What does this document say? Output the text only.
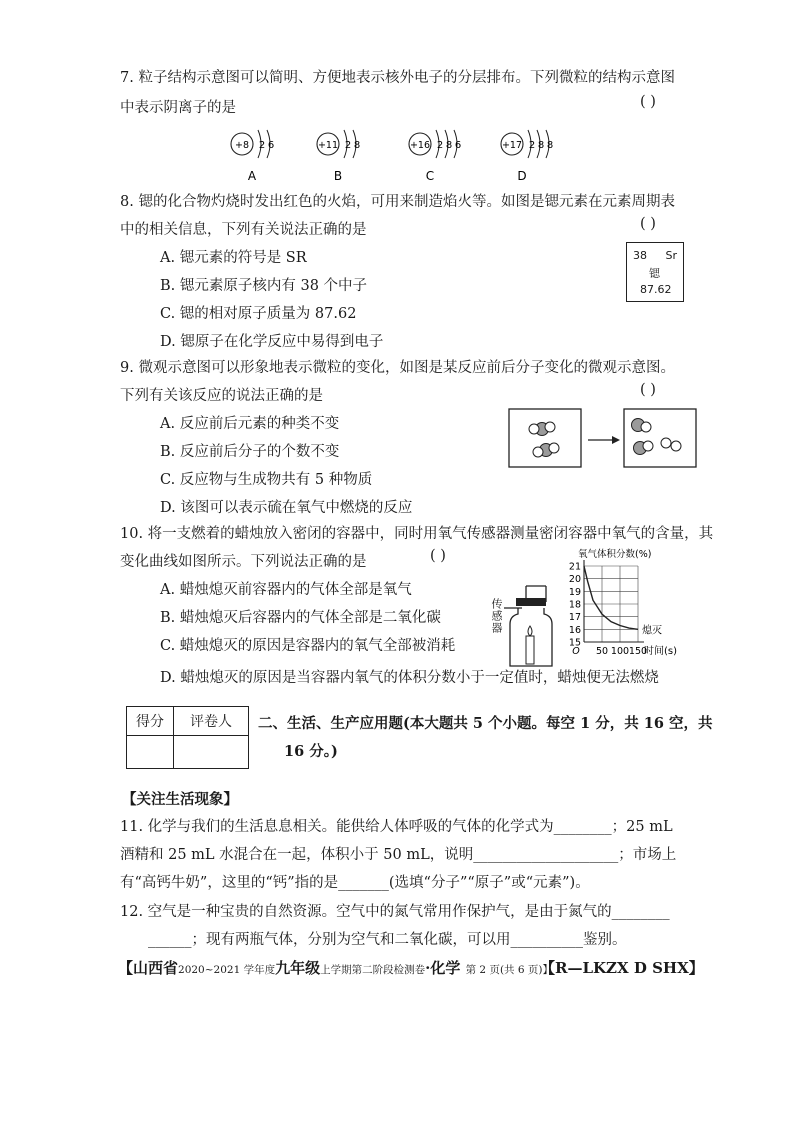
7. 粒子结构示意图可以简明、方便地表示核外电子的分层排布。下列微粒的结构示意图
中表示阴离子的是	( )
+8 2 6
A
+11 2 8
B
+16 2 8 6
C
+17 2 8 8
D
8. 锶的化合物灼烧时发出红色的火焰，可用来制造焰火等。如图是锶元素在元素周期表
中的相关信息，下列有关说法正确的是	( )
A. 锶元素的符号是 SR
B. 锶元素原子核内有 38 个中子
C. 锶的相对原子质量为 87.62
D. 锶原子在化学反应中易得到电子
38 Sr
锶
87.62
9. 微观示意图可以形象地表示微粒的变化，如图是某反应前后分子变化的微观示意图。
下列有关该反应的说法正确的是	( )
A. 反应前后元素的种类不变
B. 反应前后分子的个数不变
C. 反应物与生成物共有 5 种物质
D. 该图可以表示硫在氧气中燃烧的反应
10. 将一支燃着的蜡烛放入密闭的容器中，同时用氧气传感器测量密闭容器中氧气的含量，其
变化曲线如图所示。下列说法正确的是	( )
A. 蜡烛熄灭前容器内的气体全部是氧气
B. 蜡烛熄灭后容器内的气体全部是二氧化碳
C. 蜡烛熄灭的原因是容器内的氧气全部被消耗
D. 蜡烛熄灭的原因是当容器内氧气的体积分数小于一定值时，蜡烛便无法燃烧
传感器
氧气体积分数(%)
15
16
17
18
19
20
21
O 50 100 150
熄灭
时间(s)
得分	评卷人
	二、生活、生产应用题(本大题共 5 个小题。每空 1 分，共 16 空，共
16 分。)
【关注生活现象】
11. 化学与我们的生活息息相关。能供给人体呼吸的气体的化学式为________；25 mL
酒精和 25 mL 水混合在一起，体积小于 50 mL，说明____________________；市场上
有“高钙牛奶”，这里的“钙”指的是_______(选填“分子”“原子”或“元素”)。
12. 空气是一种宝贵的自然资源。空气中的氮气常用作保护气，是由于氮气的________
______；现有两瓶气体，分别为空气和二氧化碳，可以用__________鉴别。
【山西省2020~2021 学年度九年级上学期第二阶段检测卷·化学 第 2 页(共 6 页)】
【R—LKZX D SHX】
